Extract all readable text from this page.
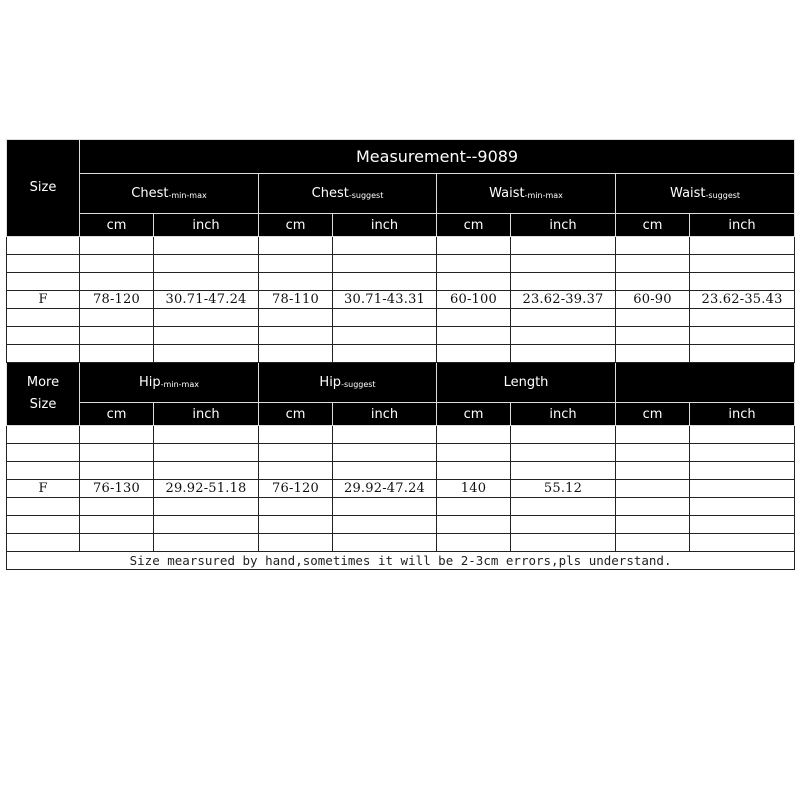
Size	Measurement--9089							
	Chest$_{-min-max}$		Chest$_{-suggest}$		Waist$_{-min-max}$		Waist$_{-suggest}$
	cm	inch	cm	inch	cm	inch	cm	inch

F	78-120	30.71-47.24	78-110	30.71-43.31	60-100	23.62-39.37	60-90	23.62-35.43

More
Size	Hip$_{-min-max}$		Hip$_{-suggest}$		Length			
	cm	inch	cm	inch	cm	inch	cm	inch

F	76-130	29.92-51.18	76-120	29.92-47.24	140	55.12		

Size mearsured by hand,sometimes it will be 2-3cm errors,pls understand.								
